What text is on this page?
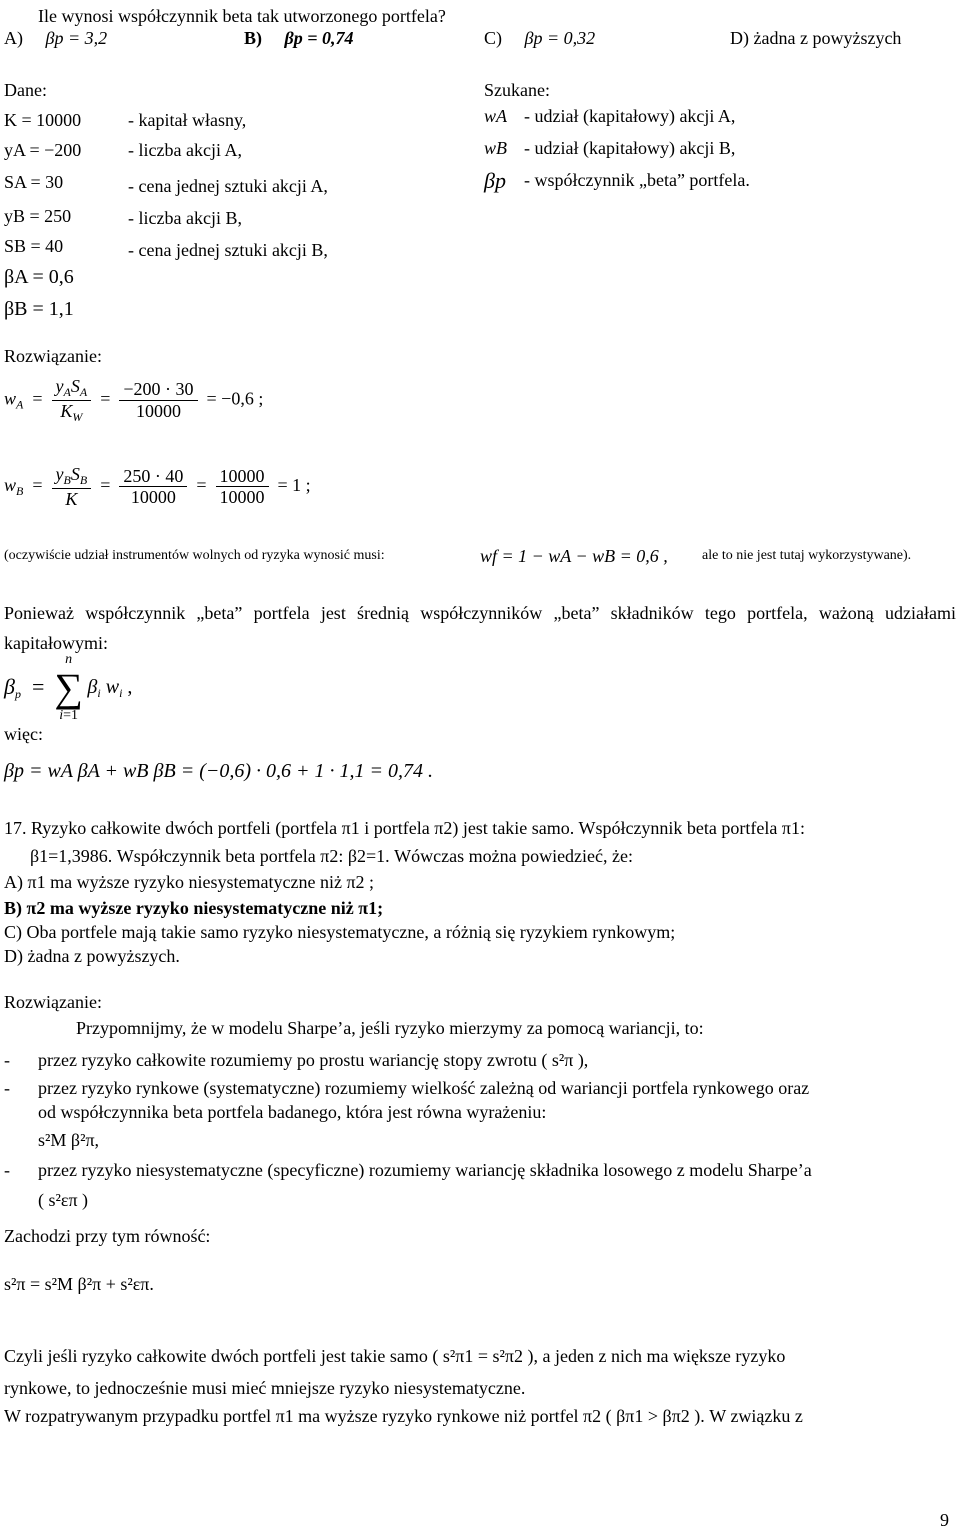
Ile wynosi współczynnik beta tak utworzonego portfela?
A) βp = 3,2	B) βp = 0,74	C) βp = 0,32	D) żadna z powyższych
Dane:
K = 10000	- kapitał własny,
yA = −200	- liczba akcji A,
SA = 30	- cena jednej sztuki akcji A,
yB = 250	- liczba akcji B,
SB = 40	- cena jednej sztuki akcji B,
βA = 0,6
βB = 1,1
Szukane:
wA - udział (kapitałowy) akcji A,
wB - udział (kapitałowy) akcji B,
βp - współczynnik „beta” portfela.
Rozwiązanie:
$w_A = \frac{y_AS_A}{K_W} = \frac{-200 \cdot 30}{10000} = -0,6$ ;
$w_B = \frac{y_BS_B}{K} = \frac{250 \cdot 40}{10000} = \frac{10000}{10000} = 1$ ;
(oczywiście udział instrumentów wolnych od ryzyka wynosić musi:	wf = 1 − wA − wB = 0,6 , ale to nie jest tutaj wykorzystywane).
Ponieważ współczynnik „beta” portfela jest średnią współczynników „beta” składników tego portfela, ważoną udziałami kapitałowymi:
$\beta_p$  =
n
∑
i=1
$\beta_i$ $w_i$ ,
więc:
βp = wA βA + wB βB = (−0,6) · 0,6 + 1 · 1,1 = 0,74 .
17. Ryzyko całkowite dwóch portfeli (portfela π1 i portfela π2) jest takie samo. Współczynnik beta portfela π1:
β1=1,3986. Współczynnik beta portfela π2: β2=1. Wówczas można powiedzieć, że:
A) π1 ma wyższe ryzyko niesystematyczne niż π2 ;
B) π2 ma wyższe ryzyko niesystematyczne niż π1;
C) Oba portfele mają takie samo ryzyko niesystematyczne, a różnią się ryzykiem rynkowym;
D) żadna z powyższych.
Rozwiązanie:
Przypomnijmy, że w modelu Sharpe’a, jeśli ryzyko mierzymy za pomocą wariancji, to:
- przez ryzyko całkowite rozumiemy po prostu wariancję stopy zwrotu ( s²π ),
- przez ryzyko rynkowe (systematyczne) rozumiemy wielkość zależną od wariancji portfela rynkowego oraz
od współczynnika beta portfela badanego, która jest równa wyrażeniu:
s²M β²π,
- przez ryzyko niesystematyczne (specyficzne) rozumiemy wariancję składnika losowego z modelu Sharpe’a
( s²επ )
Zachodzi przy tym równość:
s²π = s²M β²π + s²επ.
Czyli jeśli ryzyko całkowite dwóch portfeli jest takie samo ( s²π1 = s²π2 ), a jeden z nich ma większe ryzyko
rynkowe, to jednocześnie musi mieć mniejsze ryzyko niesystematyczne.
W rozpatrywanym przypadku portfel π1 ma wyższe ryzyko rynkowe niż portfel π2 ( βπ1 > βπ2 ). W związku z
9
